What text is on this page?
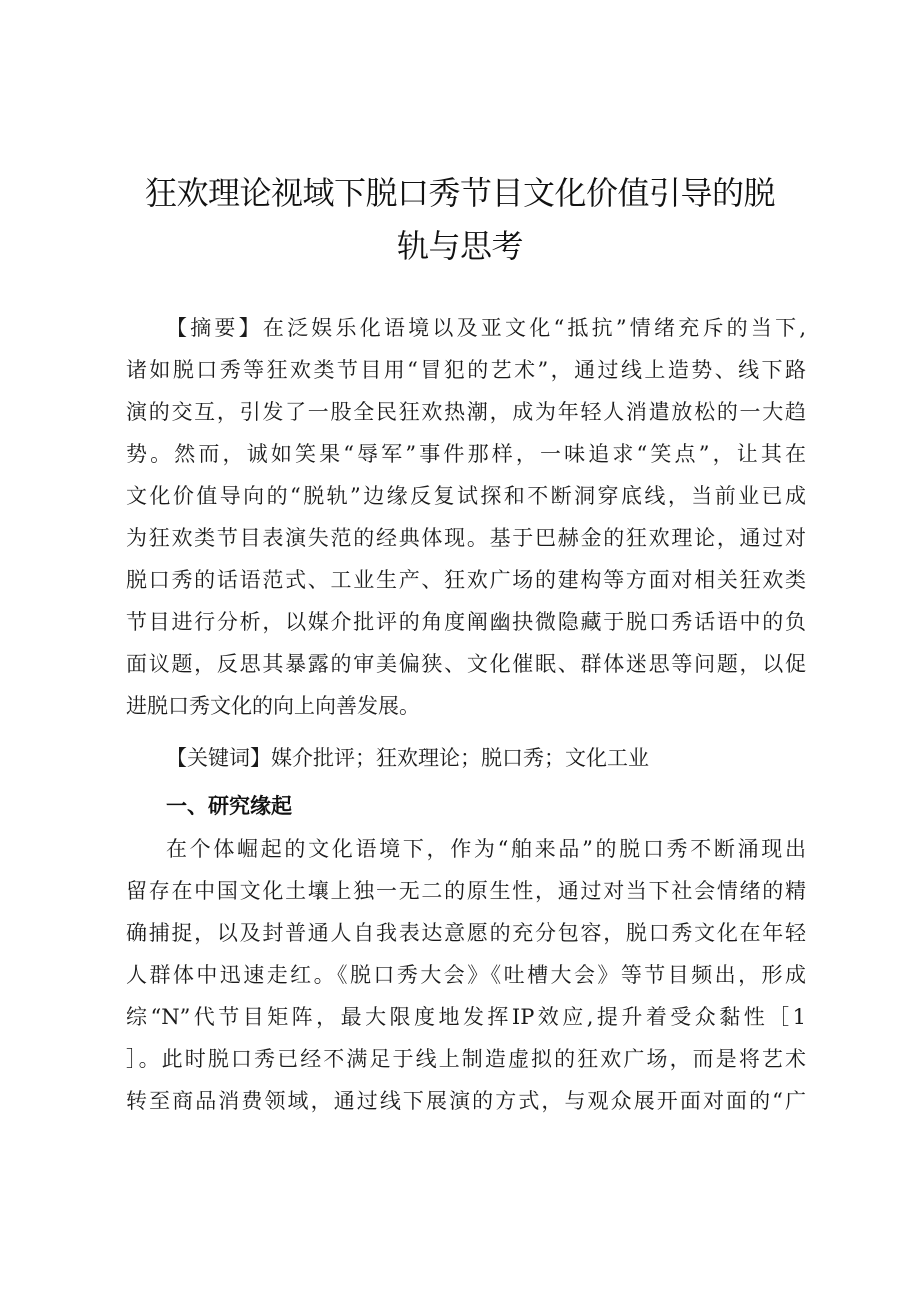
狂欢理论视域下脱口秀节目文化价值引导的脱
轨与思考
【摘要】在泛娱乐化语境以及亚文化“抵抗”情绪充斥的当下,
诸如脱口秀等狂欢类节目用“冒犯的艺术”，通过线上造势、线下路
演的交互，引发了一股全民狂欢热潮，成为年轻人消遣放松的一大趋
势。然而，诚如笑果“辱军”事件那样，一味追求“笑点”，让其在
文化价值导向的“脱轨”边缘反复试探和不断洞穿底线，当前业已成
为狂欢类节目表演失范的经典体现。基于巴赫金的狂欢理论，通过对
脱口秀的话语范式、工业生产、狂欢广场的建构等方面对相关狂欢类
节目进行分析，以媒介批评的角度阐幽抉微隐藏于脱口秀话语中的负
面议题，反思其暴露的审美偏狭、文化催眠、群体迷思等问题，以促
进脱口秀文化的向上向善发展。
【关键词】媒介批评；狂欢理论；脱口秀；文化工业
一、研究缘起
在个体崛起的文化语境下，作为“舶来品”的脱口秀不断涌现出
留存在中国文化土壤上独一无二的原生性，通过对当下社会情绪的精
确捕捉，以及封普通人自我表达意愿的充分包容，脱口秀文化在年轻
人群体中迅速走红。《脱口秀大会》《吐槽大会》等节目频出，形成
综“N”代节目矩阵，最大限度地发挥IP效应,提升着受众黏性［1
］。此时脱口秀已经不满足于线上制造虚拟的狂欢广场，而是将艺术
转至商品消费领域，通过线下展演的方式，与观众展开面对面的“广
